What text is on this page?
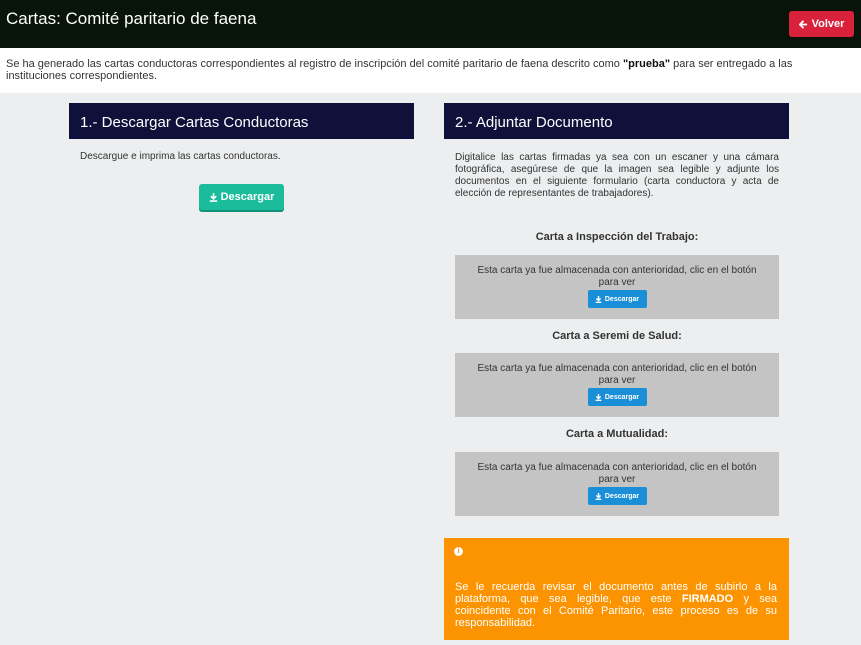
Cartas: Comité paritario de faena	Volver
Se ha generado las cartas conductoras correspondientes al registro de inscripción del comité paritario de faena descrito como "prueba" para ser entregado a las instituciones correspondientes.
1.- Descargar Cartas Conductoras
Descargue e imprima las cartas conductoras.
Descargar
2.- Adjuntar Documento
Digitalice las cartas firmadas ya sea con un escaner y una cámara fotográfica, asegúrese de que la imagen sea legible y adjunte los documentos en el siguiente formulario (carta conductora y acta de elección de representantes de trabajadores).
Carta a Inspección del Trabajo:
Esta carta ya fue almacenada con anterioridad, clic en el botón para ver
Descargar
Carta a Seremi de Salud:
Esta carta ya fue almacenada con anterioridad, clic en el botón para ver
Descargar
Carta a Mutualidad:
Esta carta ya fue almacenada con anterioridad, clic en el botón para ver
Descargar
i
Se le recuerda revisar el documento antes de subirlo a la plataforma, que sea legible, que este FIRMADO y sea coincidente con el Comité Paritario, este proceso es de su responsabilidad.
